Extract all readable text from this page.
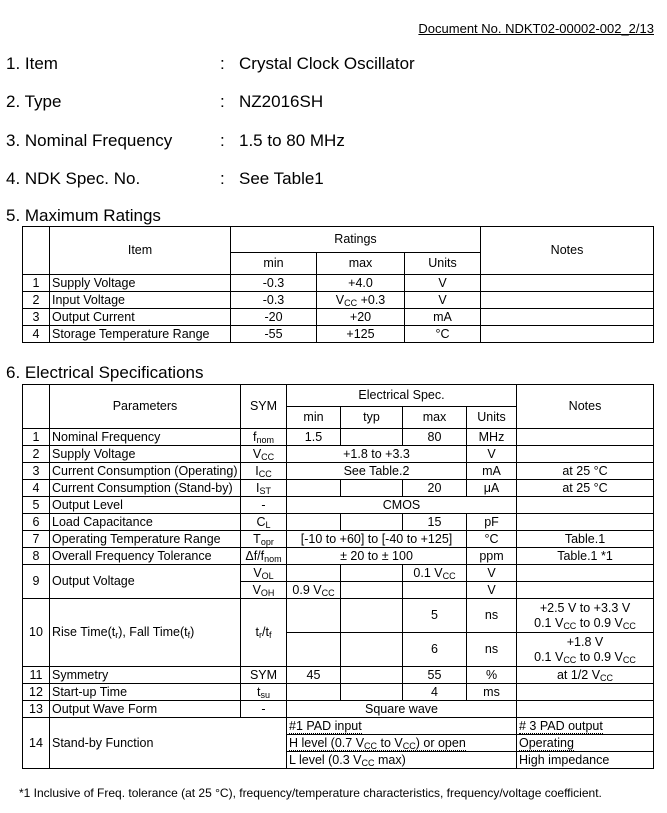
Document No. NDKT02-00002-002_2/13
1. Item	: Crystal Clock Oscillator
2. Type	: NZ2016SH
3. Nominal Frequency	: 1.5 to 80 MHz
4. NDK Spec. No.	: See Table1
5. Maximum Ratings
	Item	Ratings			Notes
		min	max	Units	
1	Supply Voltage	-0.3	+4.0	V	
2	Input Voltage	-0.3	$V_{CC} +0.3$	V	
3	Output Current	-20	+20	mA	
4	Storage Temperature Range	-55	+125	°C	
6. Electrical Specifications
	Parameters	SYM	Electrical Spec.				Notes
			min	typ	max	Units	
1	Nominal Frequency	$f_{nom}$	1.5		80	MHz	
2	Supply Voltage	$V_{CC}$	+1.8 to +3.3			V	
3	Current Consumption (Operating)	$I_{CC}$	See Table.2			mA	at 25 °C
4	Current Consumption (Stand-by)	$I_{ST}$			20	μA	at 25 °C
5	Output Level	-	CMOS				
6	Load Capacitance	$C_L$			15	pF	
7	Operating Temperature Range	$T_{opr}$	[-10 to +60] to [-40 to +125]			°C	Table.1
8	Overall Frequency Tolerance	$\Delta f/f_{nom}$	± 20 to ± 100			ppm	Table.1 *1
9	Output Voltage	$V_{OL}$			0.1 $V_{CC}$	V	
		$V_{OH}$	0.9 $V_{CC}$			V	
10	Rise $Time(t_r)$, Fall $Time(t_f)$	$t_r/t_f$			5	ns	+2.5 V to +3.3 V
0.1 $V_{CC}$ to 0.9 $V_{CC}$

					6	ns	+1.8 V
0.1 $V_{CC}$ to 0.9 $V_{CC}$

11	Symmetry	SYM	45		55	%	at 1/2 $V_{CC}$
12	Start-up Time	$t_{su}$			4	ms	
13	Output Wave Form	-	Square wave				
14	Stand-by Function		#1 PAD input				# 3 PAD output
			H level (0.7 $V_{CC}$ to $V_{CC}$) or open				Operating
			L level (0.3 $V_{CC}$ max)				High impedance
*1 Inclusive of Freq. tolerance (at 25 °C), frequency/temperature characteristics, frequency/voltage coefficient.
